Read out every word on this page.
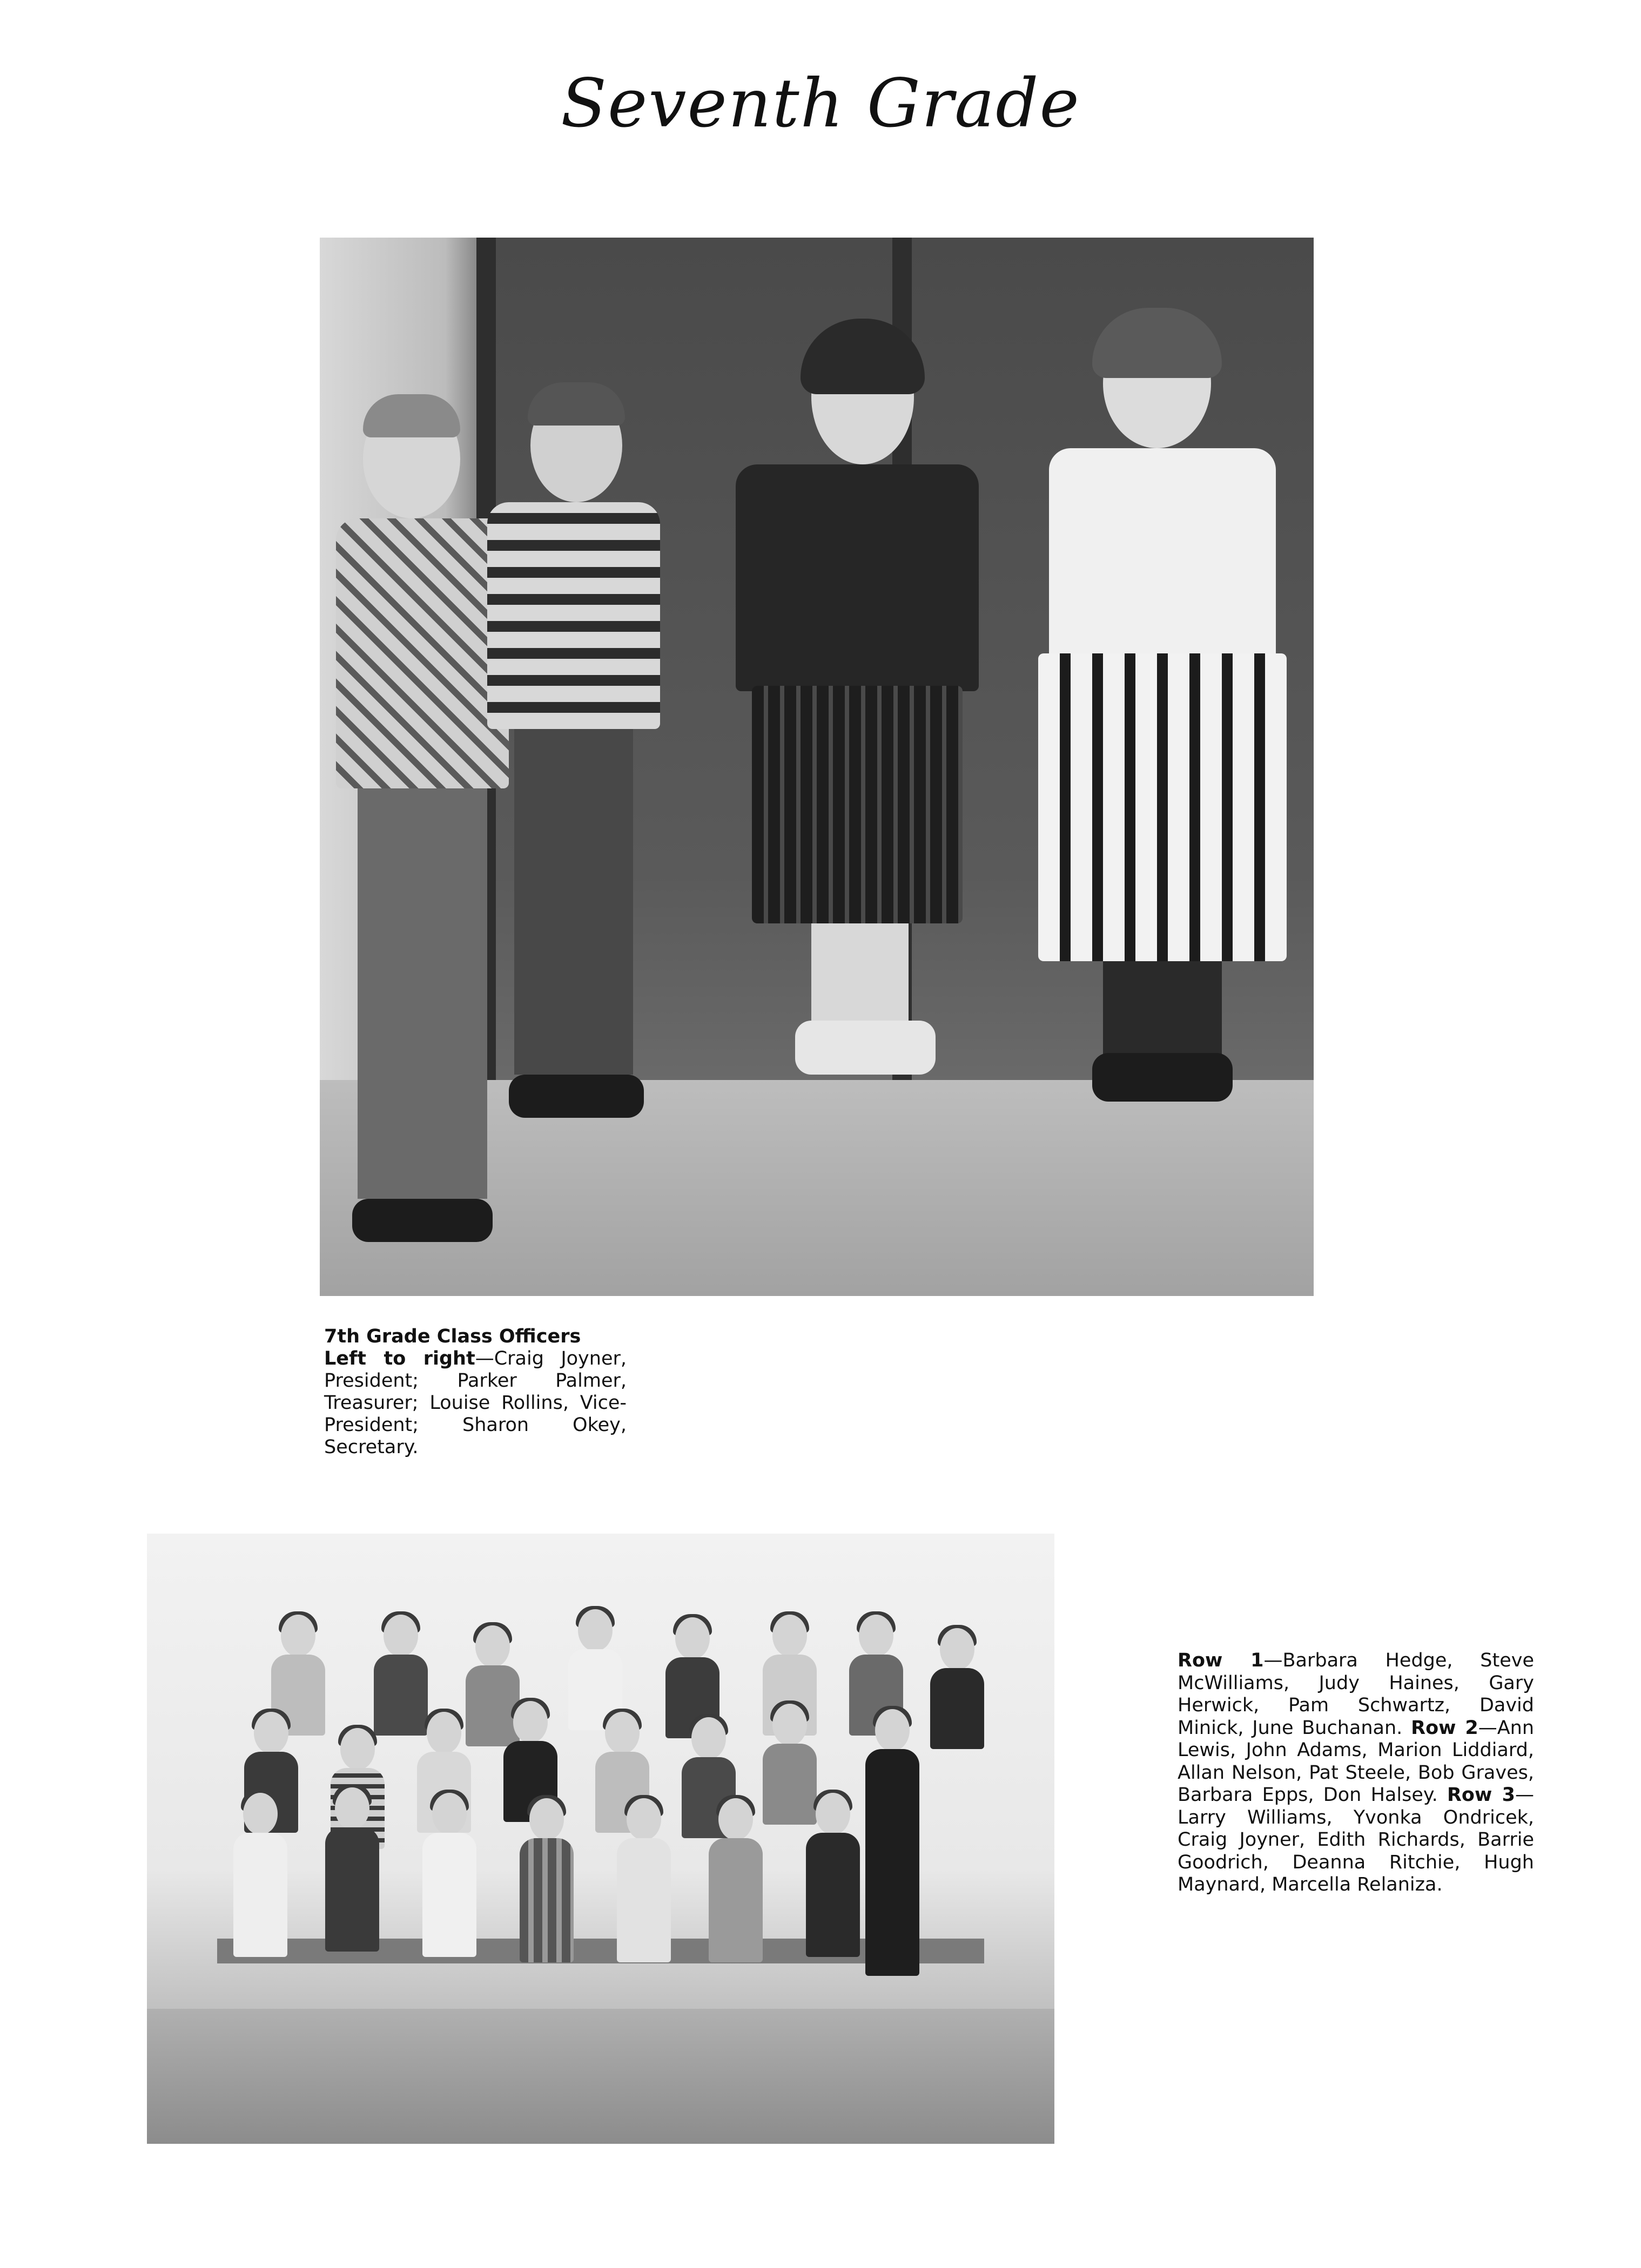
Seventh Grade
7th Grade Class Officers
Left to right—Craig Joyner, President; Parker Palmer, Treasurer; Louise Rollins, Vice-President; Sharon Okey, Secretary.
Row 1—Barbara Hedge, Steve McWilliams, Judy Haines, Gary Herwick, Pam Schwartz, David Minick, June Buchanan. Row 2—Ann Lewis, John Adams, Marion Liddiard, Allan Nelson, Pat Steele, Bob Graves, Barbara Epps, Don Halsey. Row 3—Larry Williams, Yvonka Ondricek, Craig Joyner, Edith Richards, Barrie Goodrich, Deanna Ritchie, Hugh Maynard, Marcella Relaniza.
